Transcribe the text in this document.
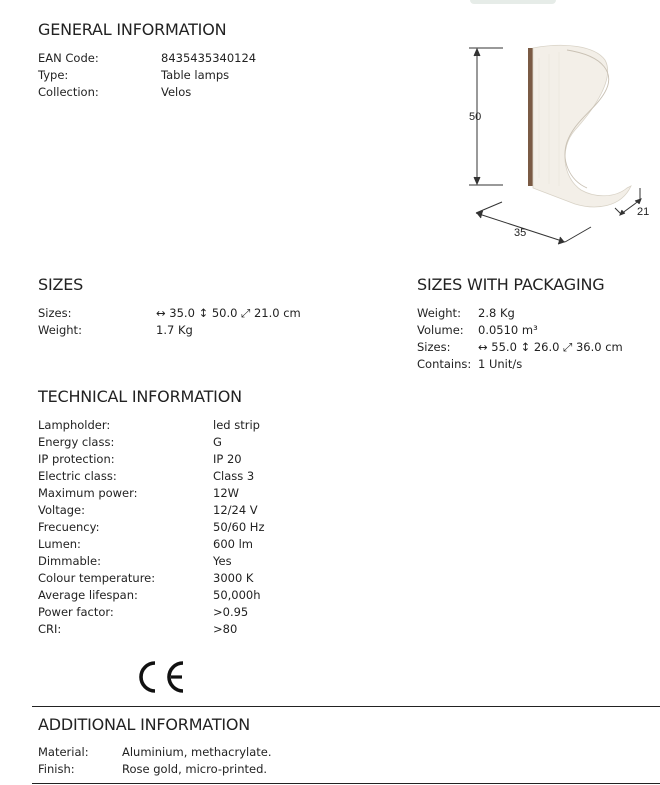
GENERAL INFORMATION
EAN Code:	8435435340124
Type:	Table lamps
Collection:	Velos
50
35
21
SIZES
Sizes:	↔ 35.0 ↕ 50.0 ⤢ 21.0 cm
Weight:	1.7 Kg
SIZES WITH PACKAGING
Weight: 2.8 Kg
Volume: 0.0510 m³
Sizes: ↔ 55.0 ↕ 26.0 ⤢ 36.0 cm
Contains: 1 Unit/s
TECHNICAL INFORMATION
Lampholder:	led strip
Energy class:	G
IP protection:	IP 20
Electric class:	Class 3
Maximum power:	12W
Voltage:	12/24 V
Frecuency:	50/60 Hz
Lumen:	600 lm
Dimmable:	Yes
Colour temperature:	3000 K
Average lifespan:	50,000h
Power factor:	>0.95
CRI:	>80
ADDITIONAL INFORMATION
Material:	Aluminium, methacrylate.
Finish:	Rose gold, micro-printed.
